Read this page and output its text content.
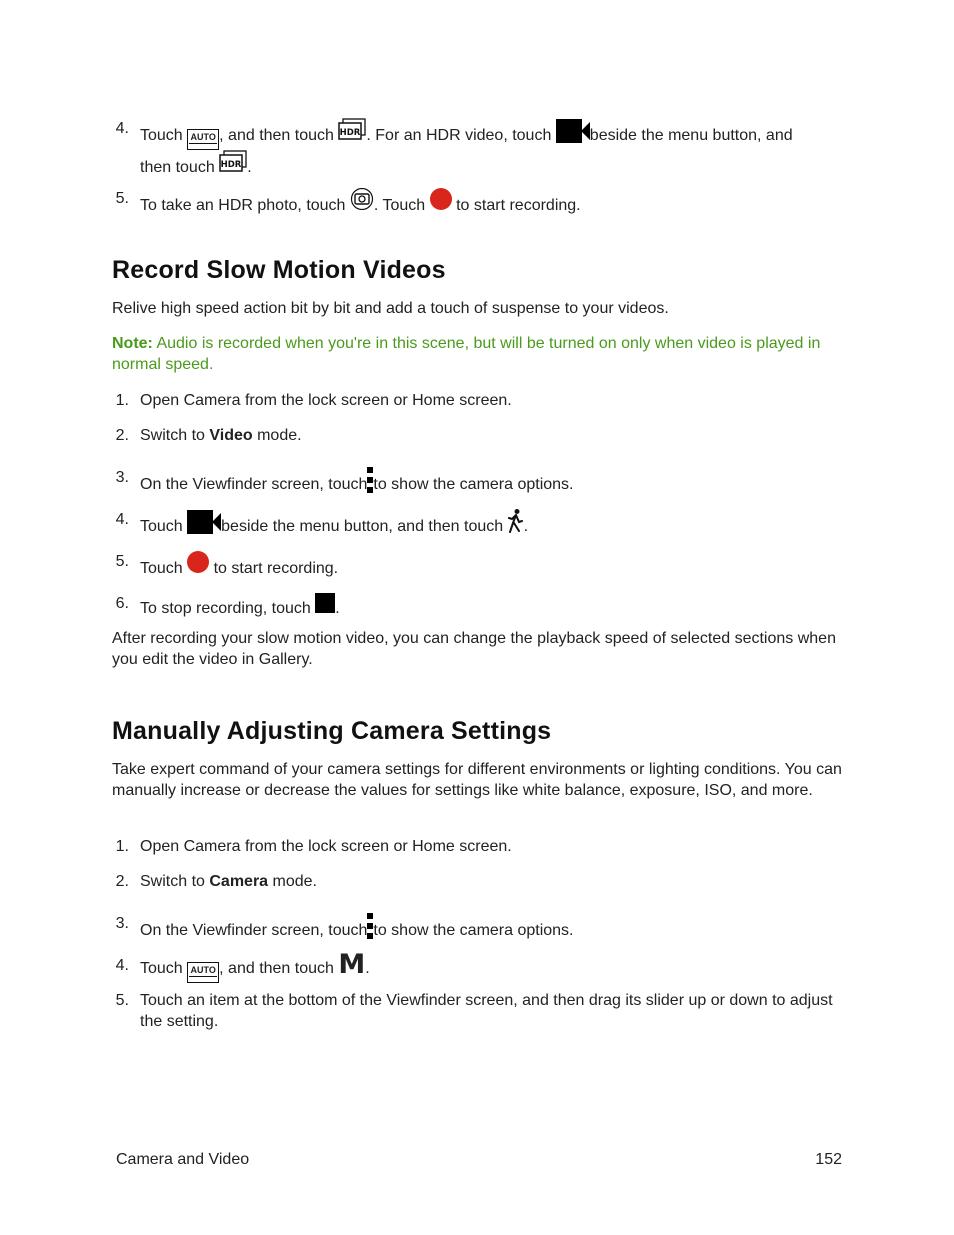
4. Touch AUTO , and then touch HDR . For an HDR video, touch beside the menu button, and
then touch HDR .
5. To take an HDR photo, touch . Touch to start recording.
Record Slow Motion Videos

Relive high speed action bit by bit and add a touch of suspense to your videos.

Note: Audio is recorded when you're in this scene, but will be turned on only when video is played in normal speed.

1. Open Camera from the lock screen or Home screen.
2. Switch to Video mode.
3. On the Viewfinder screen, touch to show the camera options.
4. Touch beside the menu button, and then touch .
5. Touch to start recording.
6. To stop recording, touch .

After recording your slow motion video, you can change the playback speed of selected sections when you edit the video in Gallery.

Manually Adjusting Camera Settings

Take expert command of your camera settings for different environments or lighting conditions. You can manually increase or decrease the values for settings like white balance, exposure, ISO, and more.

1. Open Camera from the lock screen or Home screen.
2. Switch to Camera mode.
3. On the Viewfinder screen, touch to show the camera options.
4. Touch AUTO , and then touch M.
5. Touch an item at the bottom of the Viewfinder screen, and then drag its slider up or down to adjust the setting.
Camera and Video	152
